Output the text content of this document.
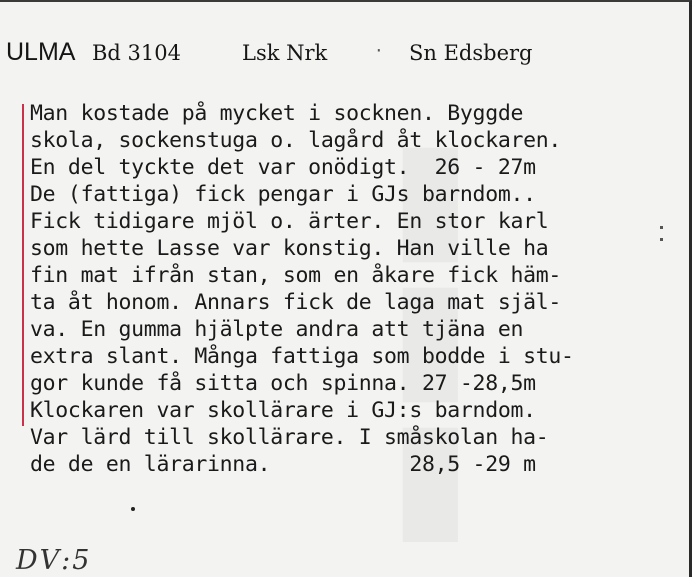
▮
▮
▮
ULMA Bd 3104	Lsk Nrk	· Sn Edsberg
Man kostade på mycket i socknen. Byggde
skola, sockenstuga o. lagård åt klockaren.
En del tyckte det var onödigt.  26 - 27m
De (fattiga) fick pengar i GJs barndom..
Fick tidigare mjöl o. ärter. En stor karl
som hette Lasse var konstig. Han ville ha
fin mat ifrån stan, som en åkare fick häm-
ta åt honom. Annars fick de laga mat själ-
va. En gumma hjälpte andra att tjäna en
extra slant. Många fattiga som bodde i stu-
gor kunde få sitta och spinna. 27 -28,5m
Klockaren var skollärare i GJ:s barndom.
Var lärd till skollärare. I småskolan ha-
de de en lärarinna.           28,5 -29 m
DⅤ:5
